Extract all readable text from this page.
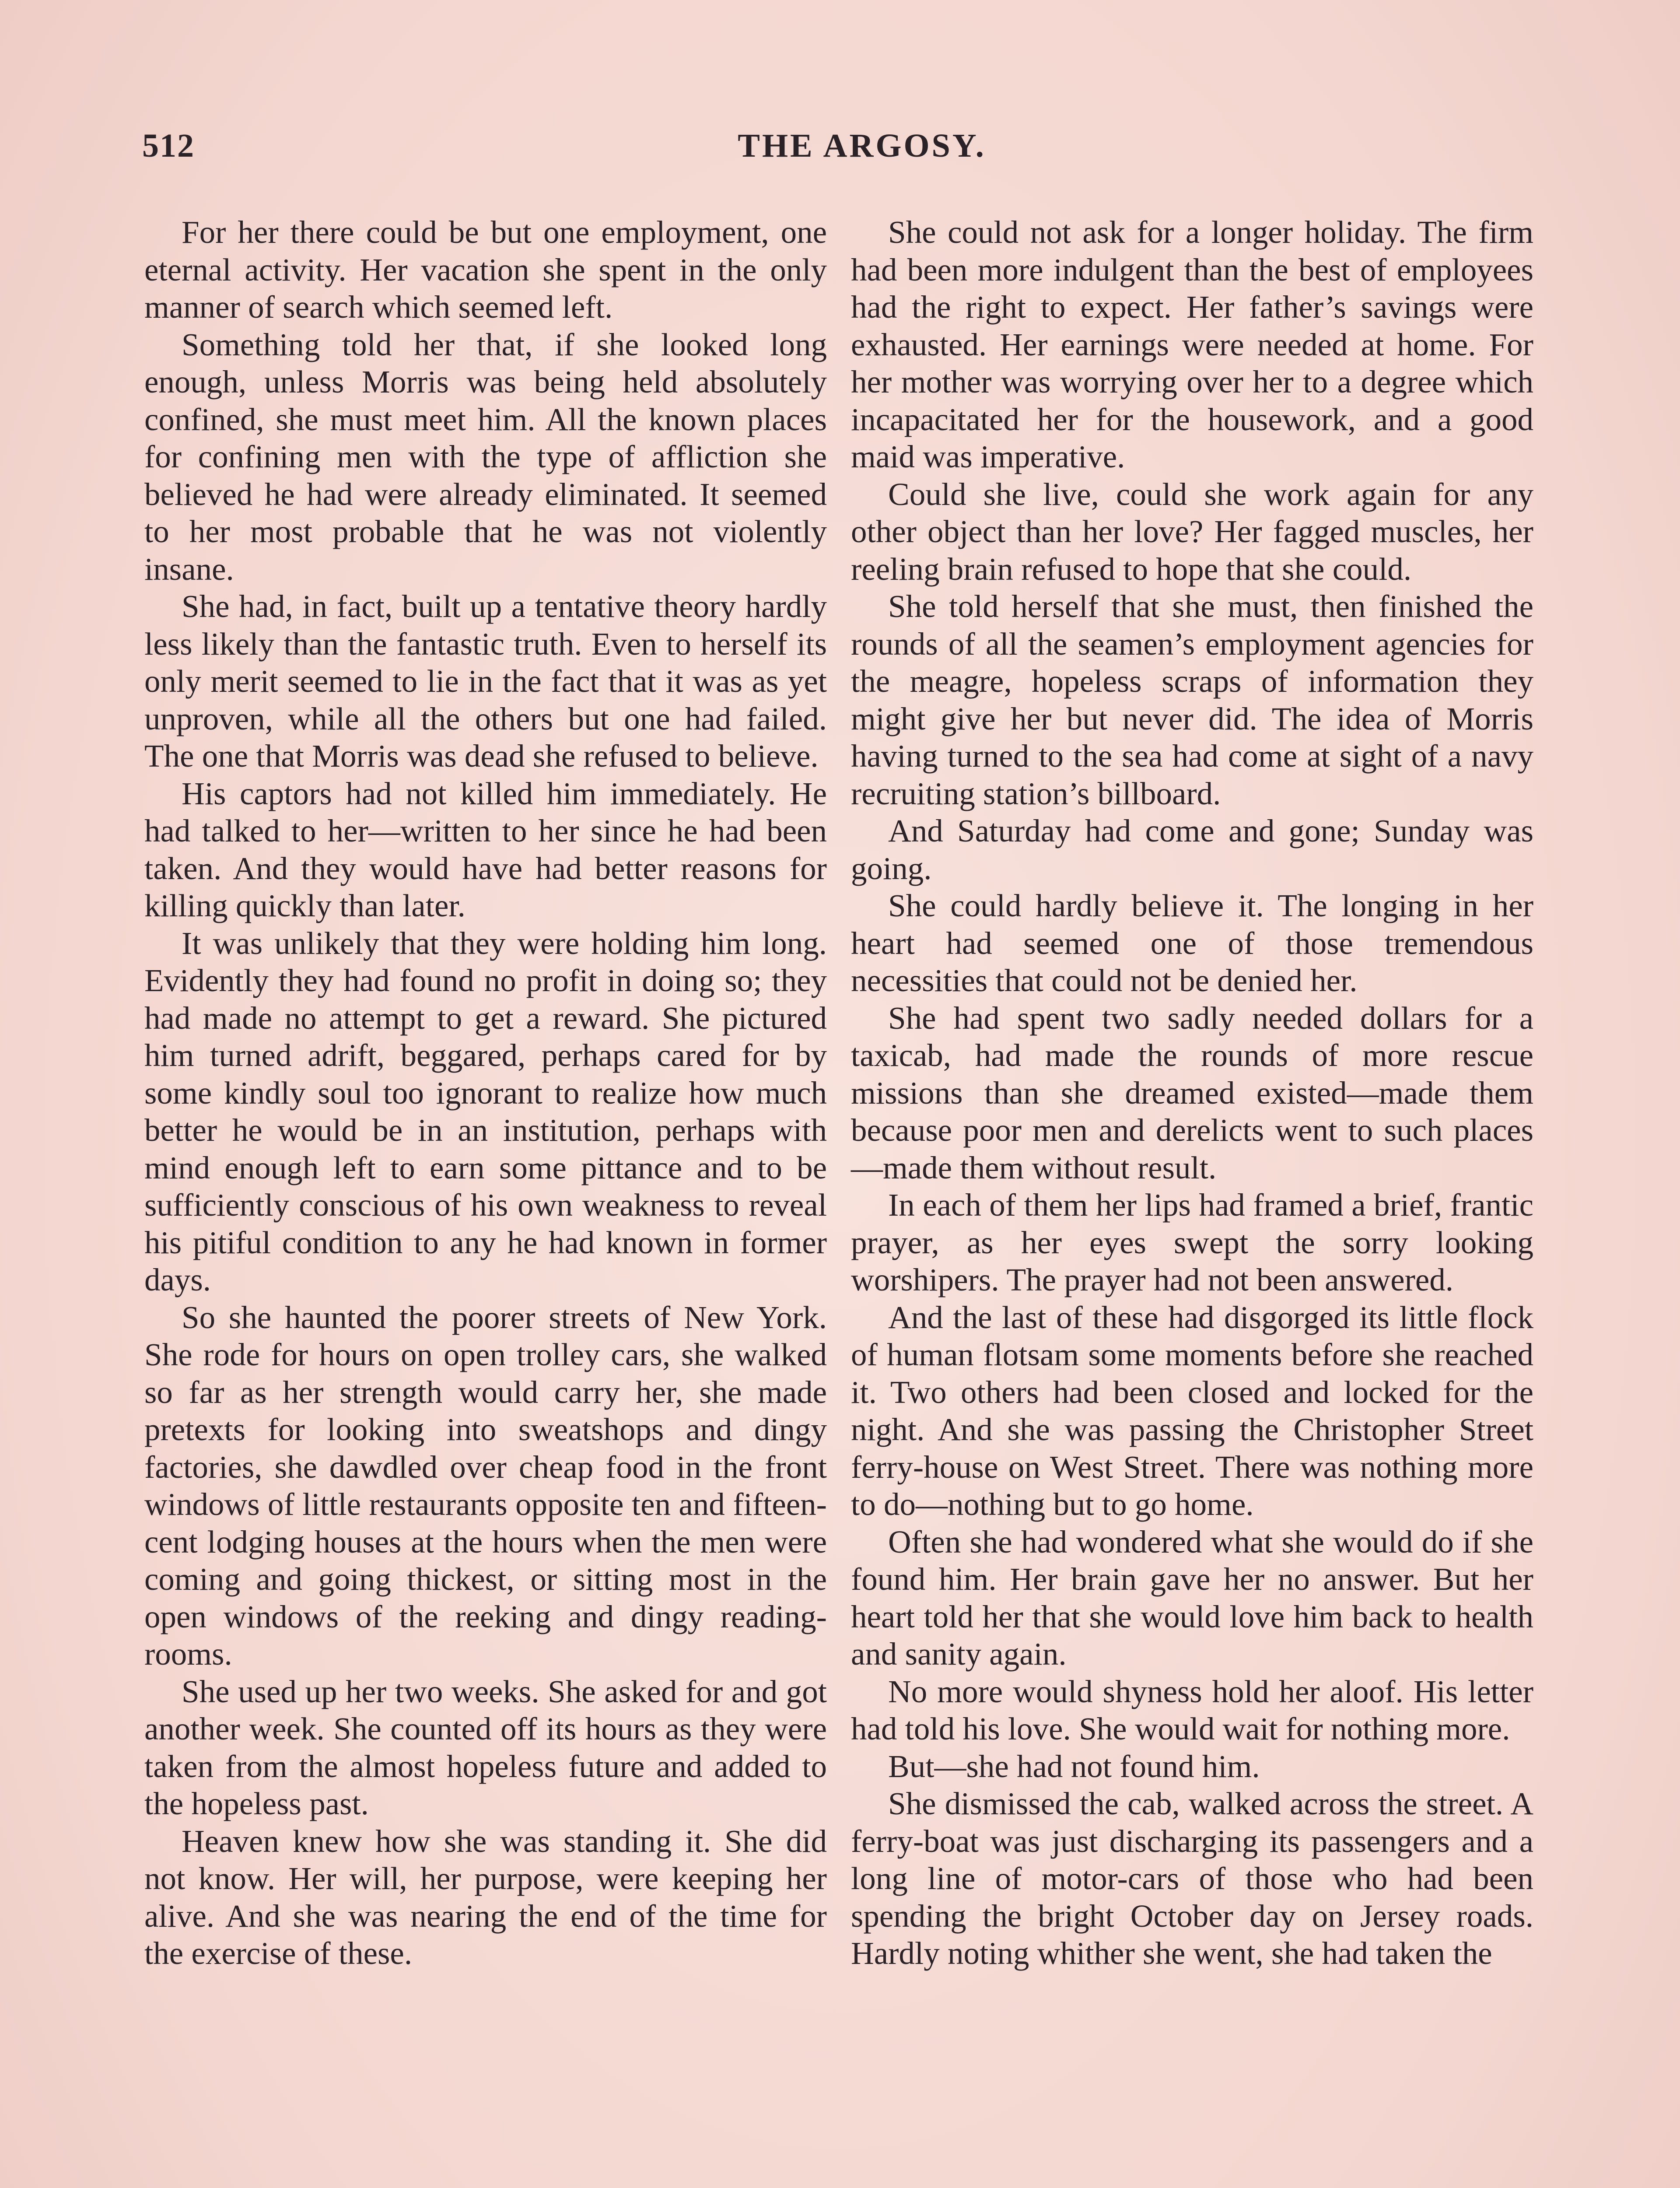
512	THE ARGOSY.

For her there could be but one employment, one eternal activity. Her vacation she spent in the only manner of search which seemed left.

Something told her that, if she looked long enough, unless Morris was being held absolutely confined, she must meet him. All the known places for confining men with the type of affliction she believed he had were already eliminated. It seemed to her most probable that he was not violently insane.

She had, in fact, built up a tentative theory hardly less likely than the fantastic truth. Even to herself its only merit seemed to lie in the fact that it was as yet unproven, while all the others but one had failed. The one that Morris was dead she refused to believe.

His captors had not killed him immediately. He had talked to her—written to her since he had been taken. And they would have had better reasons for killing quickly than later.

It was unlikely that they were holding him long. Evidently they had found no profit in doing so; they had made no attempt to get a reward. She pictured him turned adrift, beggared, perhaps cared for by some kindly soul too ignorant to realize how much better he would be in an institution, perhaps with mind enough left to earn some pittance and to be sufficiently conscious of his own weakness to reveal his pitiful condition to any he had known in former days.

So she haunted the poorer streets of New York. She rode for hours on open trolley cars, she walked so far as her strength would carry her, she made pretexts for looking into sweatshops and dingy factories, she dawdled over cheap food in the front windows of little restaurants opposite ten and fifteen-cent lodging houses at the hours when the men were coming and going thickest, or sitting most in the open windows of the reeking and dingy reading-rooms.

She used up her two weeks. She asked for and got another week. She counted off its hours as they were taken from the almost hopeless future and added to the hopeless past.

Heaven knew how she was standing it. She did not know. Her will, her purpose, were keeping her alive. And she was nearing the end of the time for the exercise of these.

She could not ask for a longer holiday. The firm had been more indulgent than the best of employees had the right to expect. Her father’s savings were exhausted. Her earnings were needed at home. For her mother was worrying over her to a degree which incapacitated her for the housework, and a good maid was imperative.

Could she live, could she work again for any other object than her love? Her fagged muscles, her reeling brain refused to hope that she could.

She told herself that she must, then finished the rounds of all the seamen’s employment agencies for the meagre, hopeless scraps of information they might give her but never did. The idea of Morris having turned to the sea had come at sight of a navy recruiting station’s billboard.

And Saturday had come and gone; Sunday was going.

She could hardly believe it. The longing in her heart had seemed one of those tremendous necessities that could not be denied her.

She had spent two sadly needed dollars for a taxicab, had made the rounds of more rescue missions than she dreamed existed—made them because poor men and derelicts went to such places—made them without result.

In each of them her lips had framed a brief, frantic prayer, as her eyes swept the sorry looking worshipers. The prayer had not been answered.

And the last of these had disgorged its little flock of human flotsam some moments before she reached it. Two others had been closed and locked for the night. And she was passing the Christopher Street ferry-house on West Street. There was nothing more to do—nothing but to go home.

Often she had wondered what she would do if she found him. Her brain gave her no answer. But her heart told her that she would love him back to health and sanity again.

No more would shyness hold her aloof. His letter had told his love. She would wait for nothing more.

But—she had not found him.

She dismissed the cab, walked across the street. A ferry-boat was just discharging its passengers and a long line of motor-cars of those who had been spending the bright October day on Jersey roads. Hardly noting whither she went, she had taken the
